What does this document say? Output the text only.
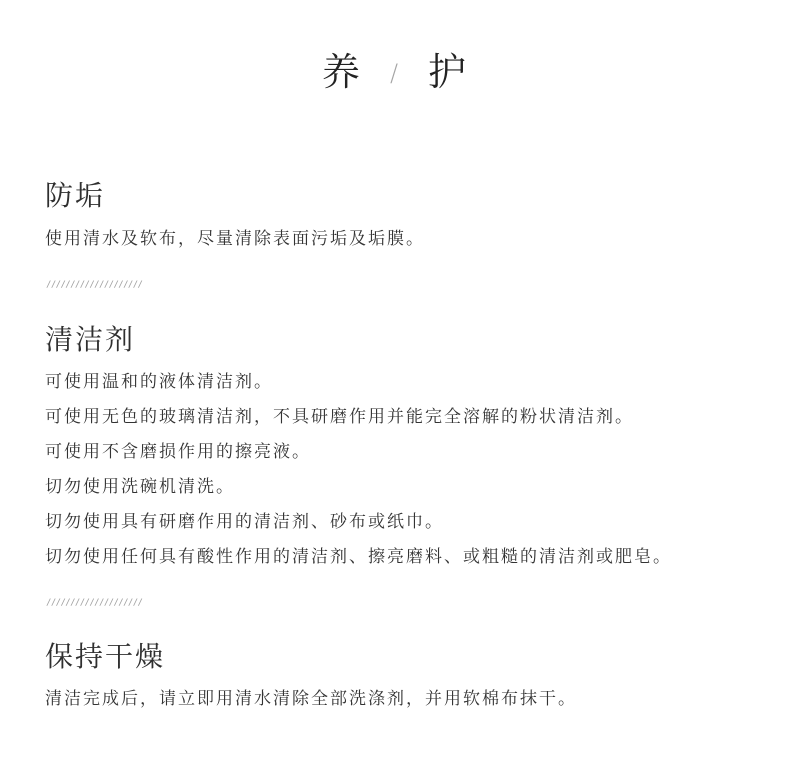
养 / 护
防垢
使用清水及软布，尽量清除表面污垢及垢膜。
////////////////////
清洁剂
可使用温和的液体清洁剂。
可使用无色的玻璃清洁剂，不具研磨作用并能完全溶解的粉状清洁剂。
可使用不含磨损作用的擦亮液。
切勿使用洗碗机清洗。
切勿使用具有研磨作用的清洁剂、砂布或纸巾。
切勿使用任何具有酸性作用的清洁剂、擦亮磨料、或粗糙的清洁剂或肥皂。
////////////////////
保持干燥
清洁完成后，请立即用清水清除全部洗涤剂，并用软棉布抹干。
